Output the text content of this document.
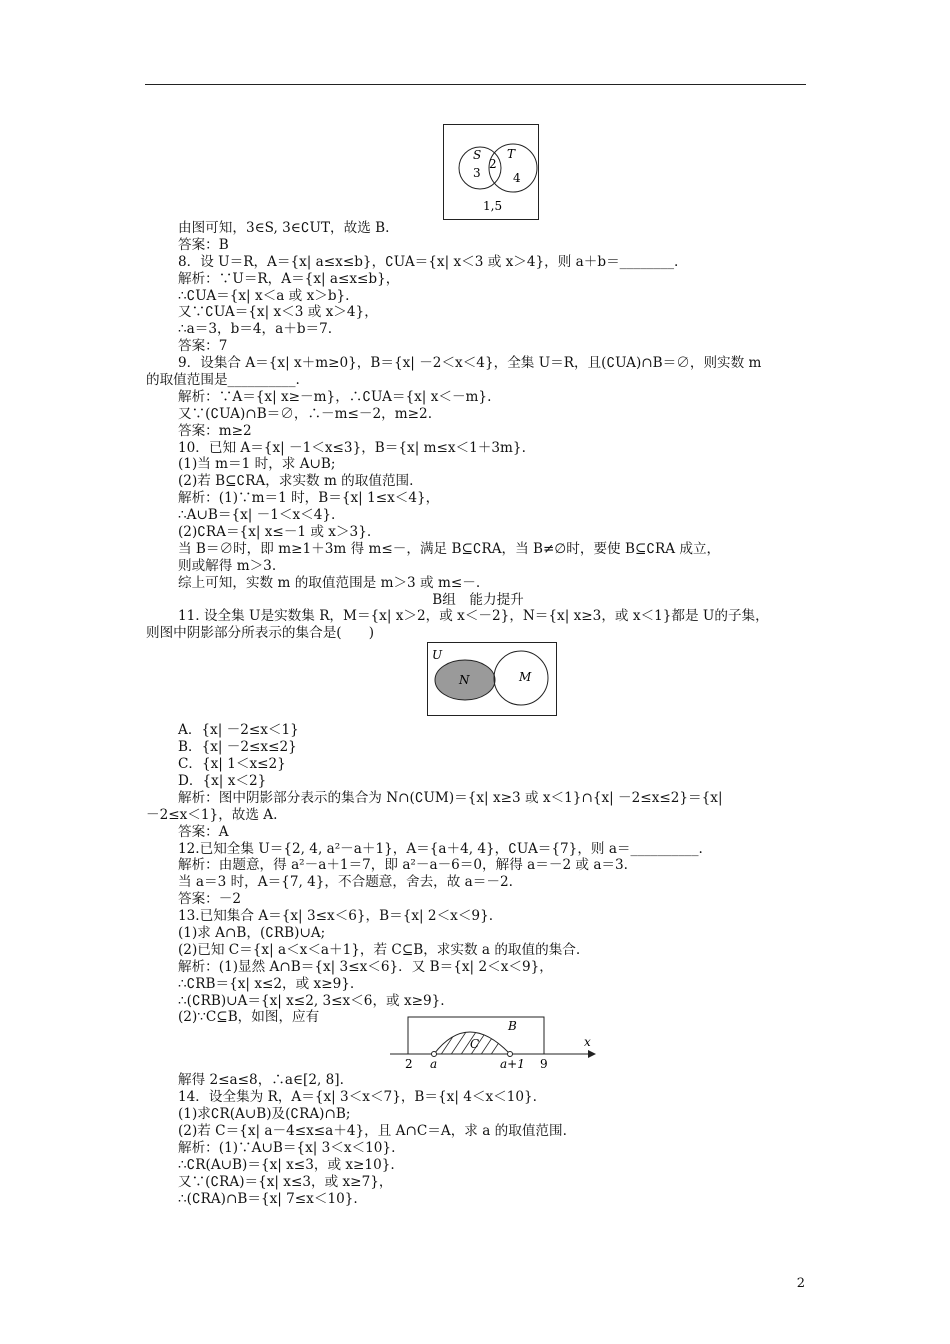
S T
3
2
4
1,5
由图可知，3∈S, 3∈∁UT，故选 B.
答案：B
8．设 U＝R，A＝{x| a≤x≤b}，∁UA＝{x| x＜3 或 x＞4}，则 a＋b＝________.
解析：∵U＝R，A＝{x| a≤x≤b}，
∴∁UA＝{x| x＜a 或 x＞b}.
又∵∁UA＝{x| x＜3 或 x＞4}，
∴a＝3，b＝4，a＋b＝7.
答案：7
9．设集合 A＝{x| x＋m≥0}，B＝{x| －2＜x＜4}，全集 U＝R，且(∁UA)∩B＝∅，则实数 m
的取值范围是__________.
解析：∵A＝{x| x≥－m}，∴∁UA＝{x| x＜－m}.
又∵(∁UA)∩B＝∅，∴－m≤－2，m≥2.
答案：m≥2
10．已知 A＝{x| －1＜x≤3}，B＝{x| m≤x＜1＋3m}.
(1)当 m＝1 时，求 A∪B;
(2)若 B⊆∁RA，求实数 m 的取值范围.
解析：(1)∵m＝1 时，B＝{x| 1≤x＜4}，
∴A∪B＝{x| －1＜x＜4}.
(2)∁RA＝{x| x≤－1 或 x＞3}.
当 B＝∅时，即 m≥1＋3m 得 m≤－，满足 B⊆∁RA，当 B≠∅时，要使 B⊆∁RA 成立，
则或解得 m＞3.
综上可知，实数 m 的取值范围是 m＞3 或 m≤－.
B组　能力提升
11. 设全集 U是实数集 R，M＝{x| x＞2，或 x＜－2}，N＝{x| x≥3，或 x＜1}都是 U的子集，
则图中阴影部分所表示的集合是(　　)
A．{x| －2≤x＜1}
B．{x| －2≤x≤2}
C．{x| 1＜x≤2}
D．{x| x＜2}
解析：图中阴影部分表示的集合为 N∩(∁UM)＝{x| x≥3 或 x＜1}∩{x| －2≤x≤2}＝{x|
－2≤x＜1}，故选 A.
答案：A
12.已知全集 U＝{2, 4, a²－a＋1}，A＝{a＋4, 4}，∁UA＝{7}，则 a＝__________.
解析：由题意，得 a²－a＋1＝7，即 a²－a－6＝0，解得 a＝－2 或 a＝3.
当 a＝3 时，A＝{7, 4}，不合题意，舍去，故 a＝－2.
答案：－2
13.已知集合 A＝{x| 3≤x＜6}，B＝{x| 2＜x＜9}.
(1)求 A∩B，(∁RB)∪A;
(2)已知 C＝{x| a＜x＜a＋1}，若 C⊆B，求实数 a 的取值的集合.
解析：(1)显然 A∩B＝{x| 3≤x＜6}．又 B＝{x| 2＜x＜9}，
∴∁RB＝{x| x≤2，或 x≥9}.
∴(∁RB)∪A＝{x| x≤2, 3≤x＜6，或 x≥9}.
(2)∵C⊆B，如图，应有
解得 2≤a≤8，∴a∈[2, 8].
14．设全集为 R，A＝{x| 3＜x＜7}，B＝{x| 4＜x＜10}.
(1)求∁R(A∪B)及(∁RA)∩B;
(2)若 C＝{x| a－4≤x≤a＋4}，且 A∩C＝A，求 a 的取值范围.
解析：(1)∵A∪B＝{x| 3＜x＜10}.
∴∁R(A∪B)＝{x| x≤3，或 x≥10}.
又∵(∁RA)＝{x| x≤3，或 x≥7}，
∴(∁RA)∩B＝{x| 7≤x＜10}.
U
N	M
B
C	x
2 a	a+1 9
2
